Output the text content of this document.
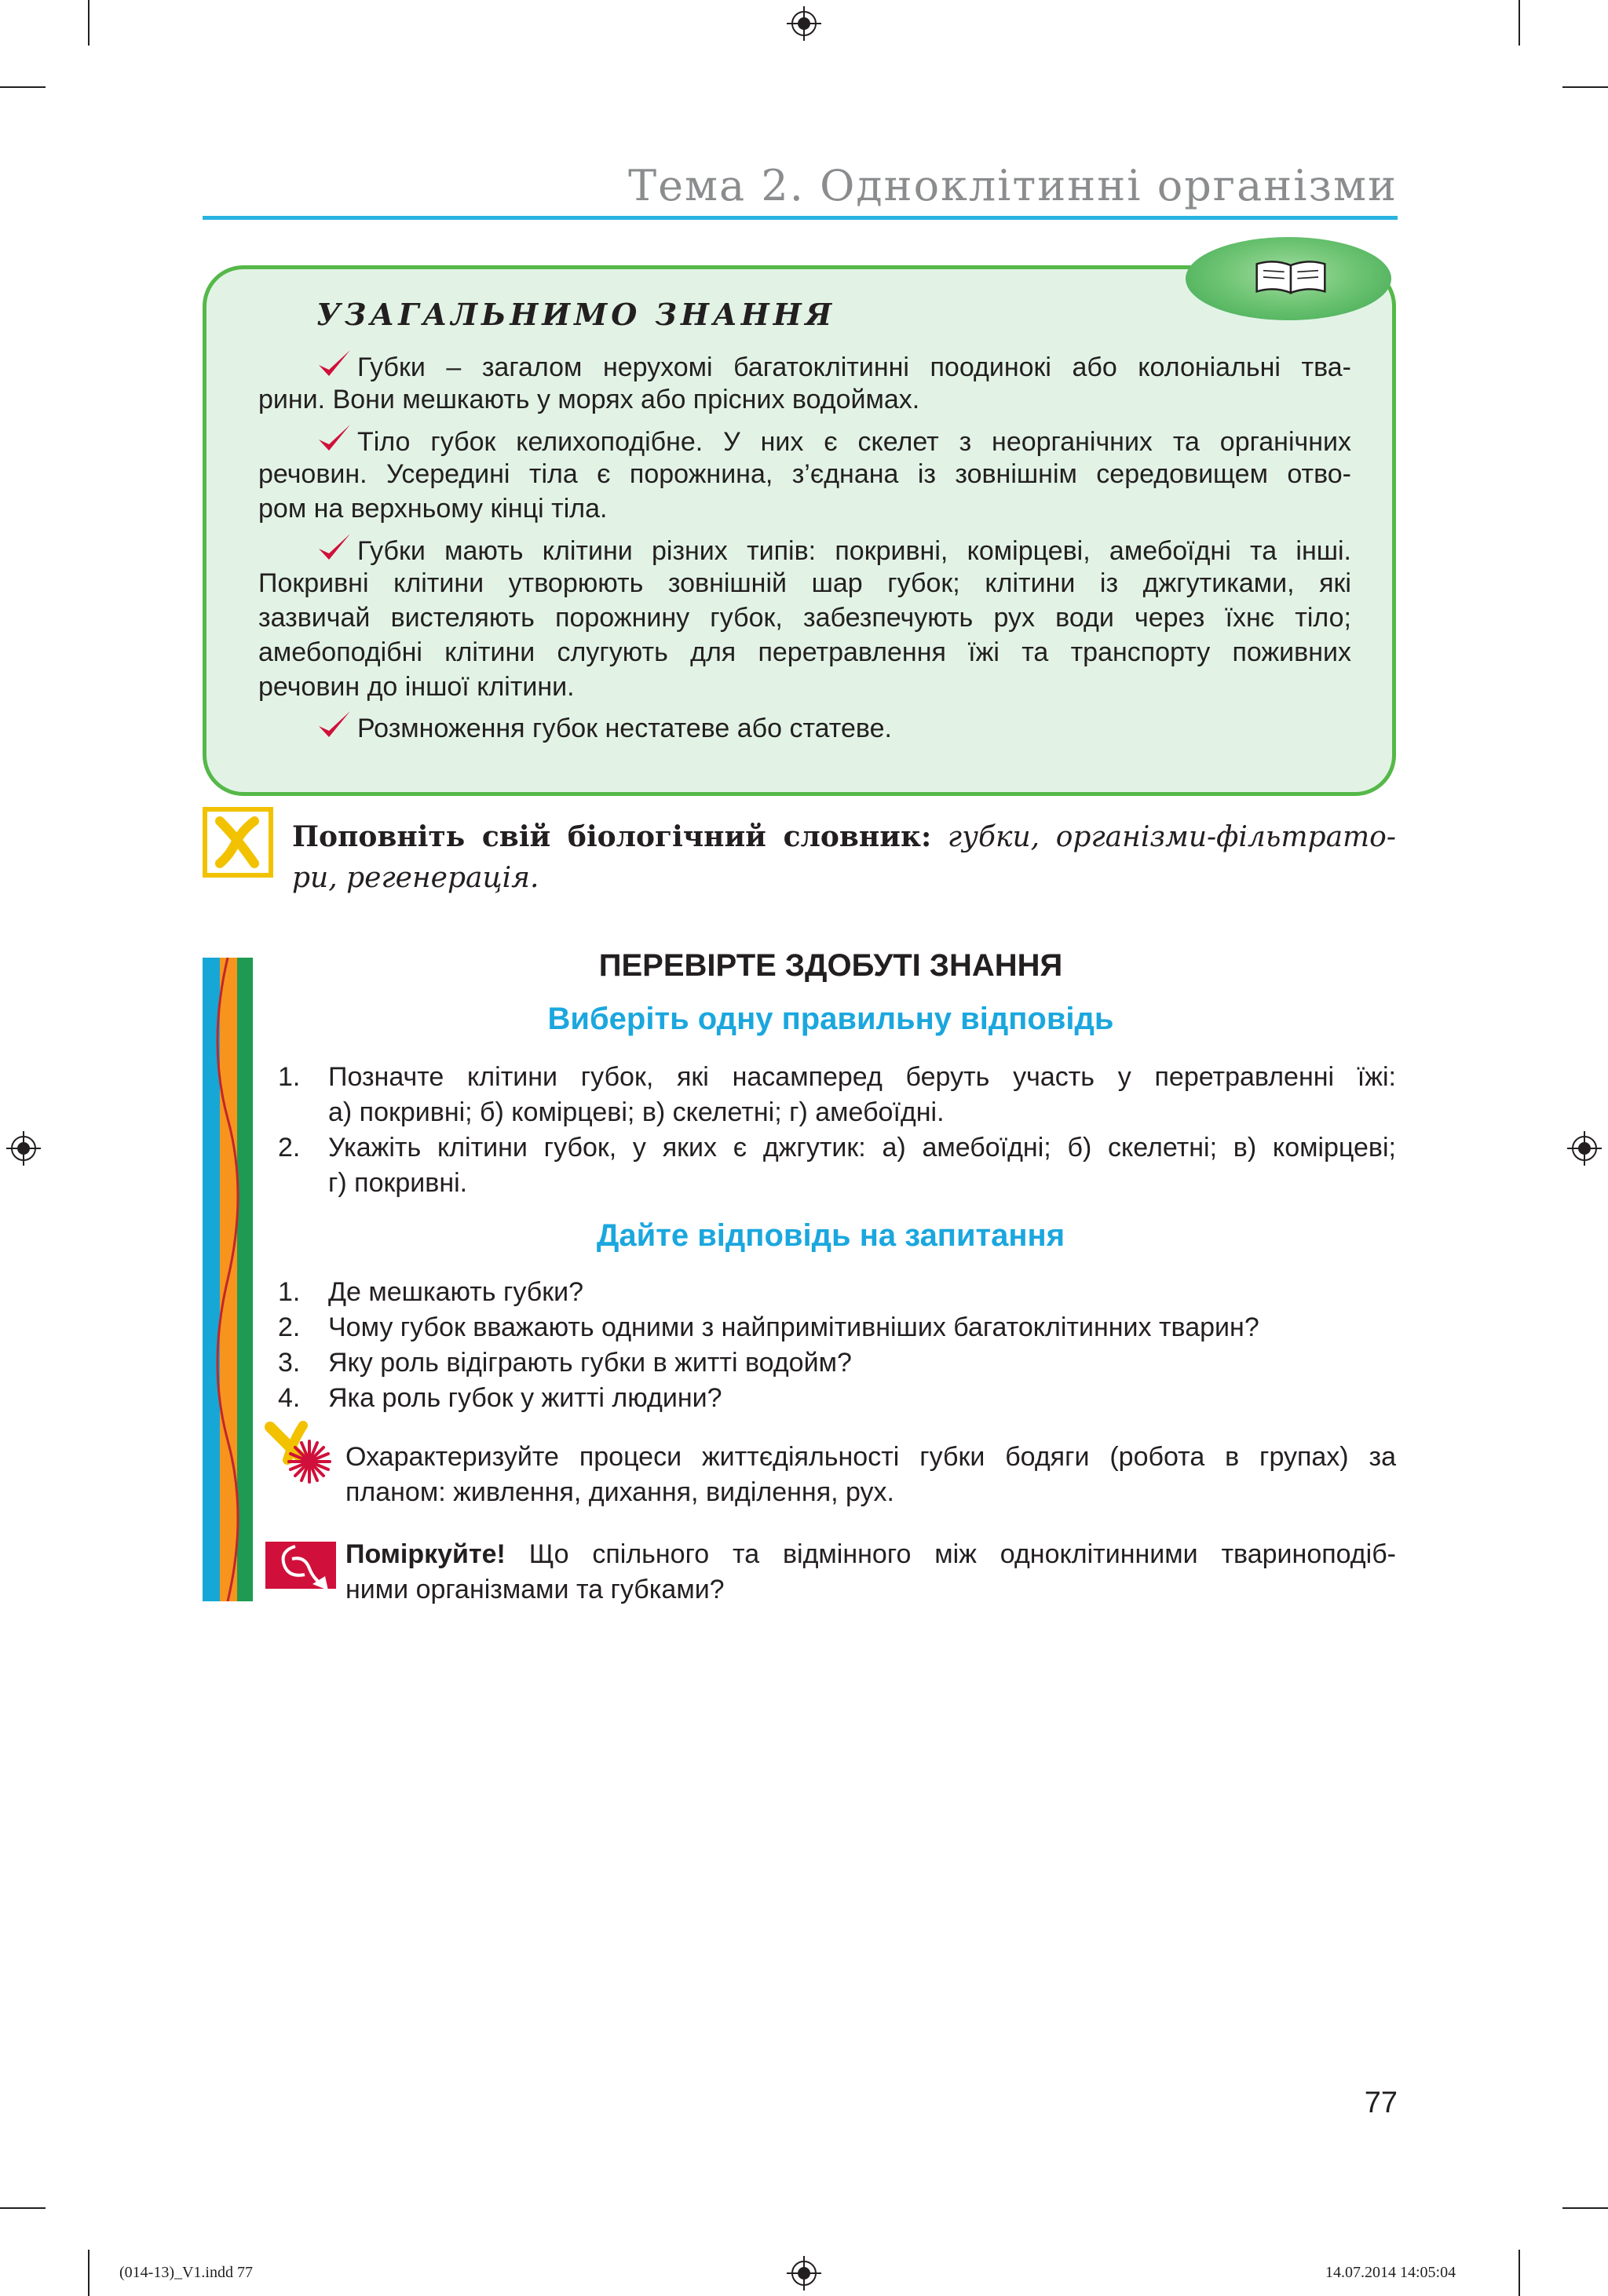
Тема 2. Одноклітинні організми
УЗАГАЛЬНИМО ЗНАННЯ
Губки – загалом нерухомі багатоклітинні поодинокі або колоніальні тва-
рини. Вони мешкають у морях або прісних водоймах.
Тіло губок келихоподібне. У них є скелет з неорганічних та органічних
речовин. Усередині тіла є порожнина, з’єднана із зовнішнім середовищем отво-
ром на верхньому кінці тіла.
Губки мають клітини різних типів: покривні, комірцеві, амебоїдні та інші.
Покривні клітини утворюють зовнішній шар губок; клітини із джгутиками, які
зазвичай вистеляють порожнину губок, забезпечують рух води через їхнє тіло;
амебоподібні клітини слугують для перетравлення їжі та транспорту поживних
речовин до іншої клітини.
Розмноження губок нестатеве або статеве.
Поповніть свій біологічний словник: губки, організми-фільтрато-
ри, регенерація.
ПЕРЕВІРТЕ ЗДОБУТІ ЗНАННЯ
Виберіть одну правильну відповідь
1. Позначте клітини губок, які насамперед беруть участь у перетравленні їжі:
а) покривні; б) комірцеві; в) скелетні; г) амебоїдні.
2. Укажіть клітини губок, у яких є джгутик: а) амебоїдні; б) скелетні; в) комірцеві;
г) покривні.
Дайте відповідь на запитання
1. Де мешкають губки?
2. Чому губок вважають одними з найпримітивніших багатоклітинних тварин?
3. Яку роль відіграють губки в житті водойм?
4. Яка роль губок у житті людини?
Охарактеризуйте процеси життєдіяльності губки бодяги (робота в групах) за
планом: живлення, дихання, виділення, рух.
Поміркуйте! Що спільного та відмінного між одноклітинними твариноподіб-
ними організмами та губками?
77
(014-13)_V1.indd 77	14.07.2014 14:05:04
